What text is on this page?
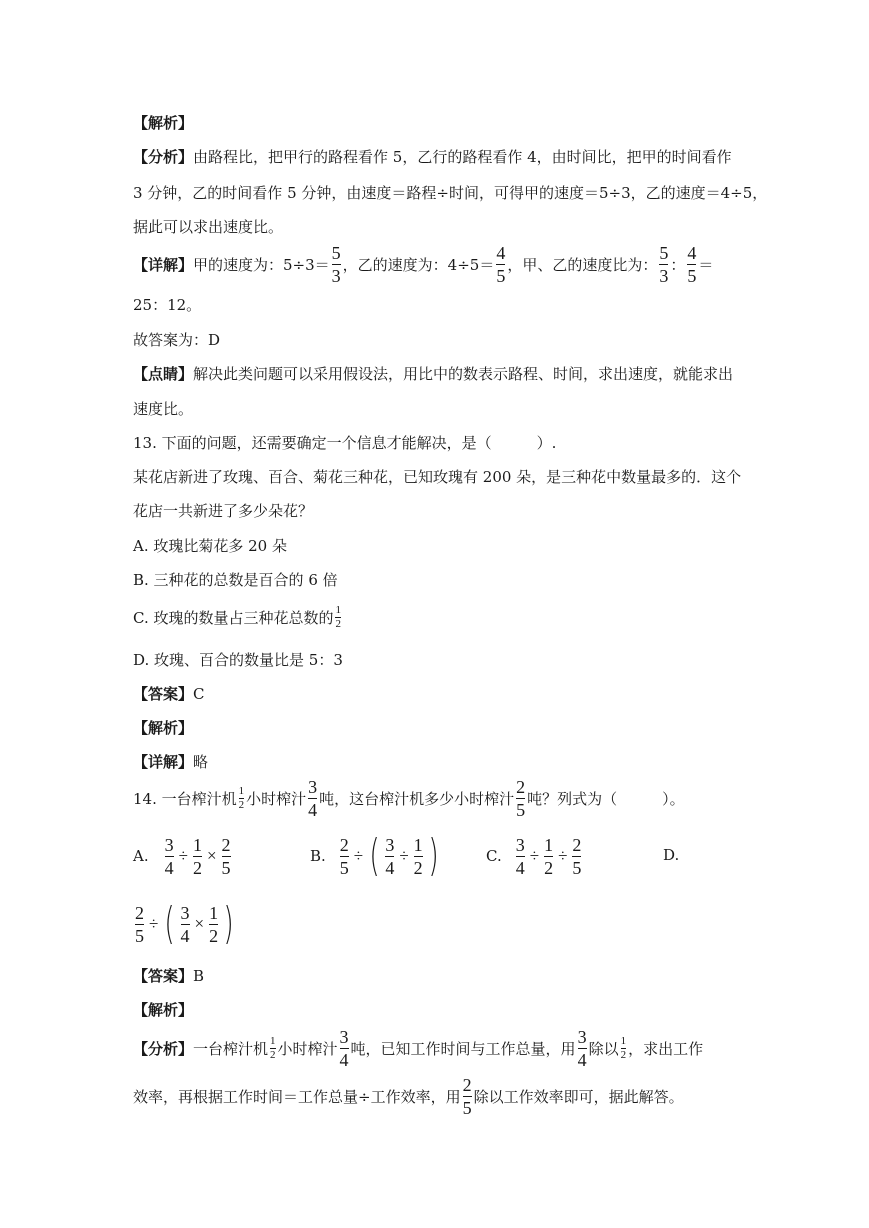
【解析】
【分析】由路程比，把甲行的路程看作 5，乙行的路程看作 4，由时间比，把甲的时间看作
3 分钟，乙的时间看作 5 分钟，由速度＝路程÷时间，可得甲的速度＝5÷3，乙的速度＝4÷5，
据此可以求出速度比。
【详解】 甲的速度为：5÷3＝
5
3
，乙的速度为：4÷5＝
4
5
，甲、乙的速度比为：
5
3
：
4
5
＝
25：12。
故答案为：D
【点睛】解决此类问题可以采用假设法，用比中的数表示路程、时间，求出速度，就能求出
速度比。
13. 下面的问题，还需要确定一个信息才能解决，是（　　　）.
某花店新进了玫瑰、百合、菊花三种花，已知玫瑰有 200 朵，是三种花中数量最多的．这个
花店一共新进了多少朵花？
A. 玫瑰比菊花多 20 朵
B. 三种花的总数是百合的 6 倍
C. 玫瑰的数量占三种花总数的 1
2
D. 玫瑰、百合的数量比是 5：3
【答案】C
【解析】
【详解】略
14. 一台榨汁机 1
2 小时榨汁
3
4
吨，这台榨汁机多少小时榨汁
2
5
吨？列式为（　　　）。
A.
3
4
÷
1
2
×
2
5
B.
2
5
÷ ( 3
4
÷
1
2 )	C.
3
4
÷
1
2
÷
2
5
D.
2
5
÷ ( 3
4
×
1
2 )
【答案】B
【解析】
【分析】 一台榨汁机 1
2 小时榨汁
3
4
吨，已知工作时间与工作总量，用
3
4
除以 1
2 ，求出工作
效率，再根据工作时间＝工作总量÷工作效率，用
2
5
除以工作效率即可，据此解答。
